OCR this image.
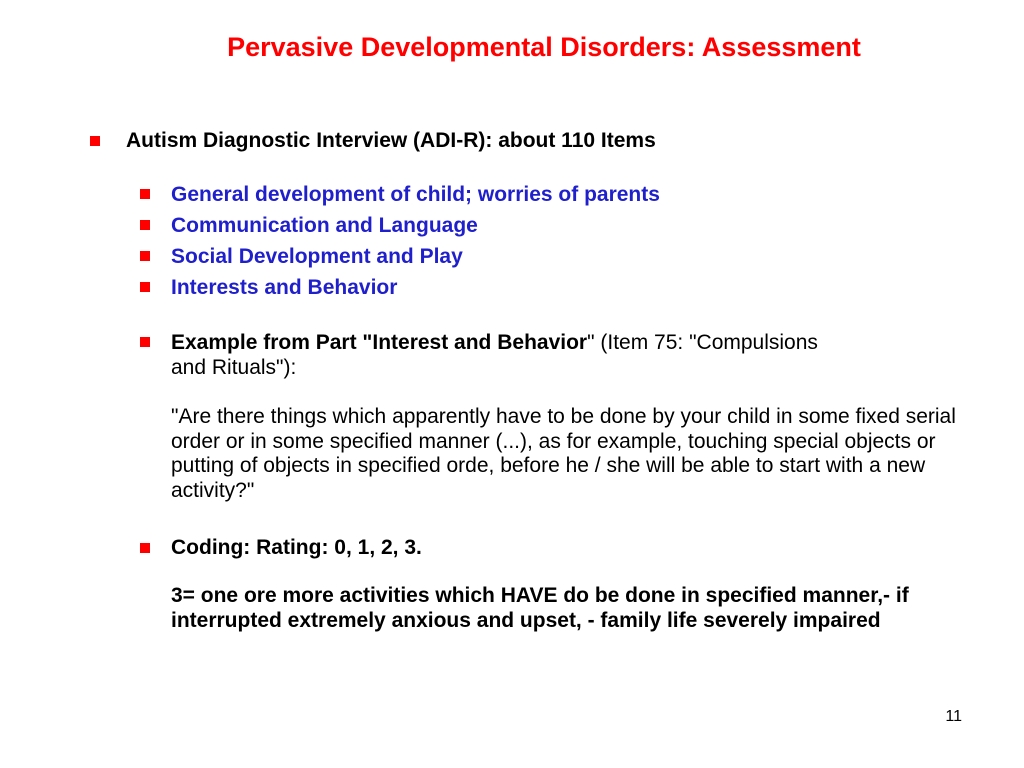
Pervasive Developmental Disorders: Assessment
Autism Diagnostic Interview (ADI-R): about 110 Items
General development of child; worries of parents
Communication and Language
Social Development and Play
Interests and Behavior
Example from Part "Interest and Behavior" (Item 75: "Compulsions
and Rituals"):
"Are there things which apparently have to be done by your child in some fixed serial order or in some specified manner (...), as for example, touching special objects or putting of objects in specified orde, before he / she will be able to start with a new activity?"
Coding: Rating: 0, 1, 2, 3.
3= one ore more activities which HAVE do be done in specified manner,- if interrupted extremely anxious and upset, - family life severely impaired
11
